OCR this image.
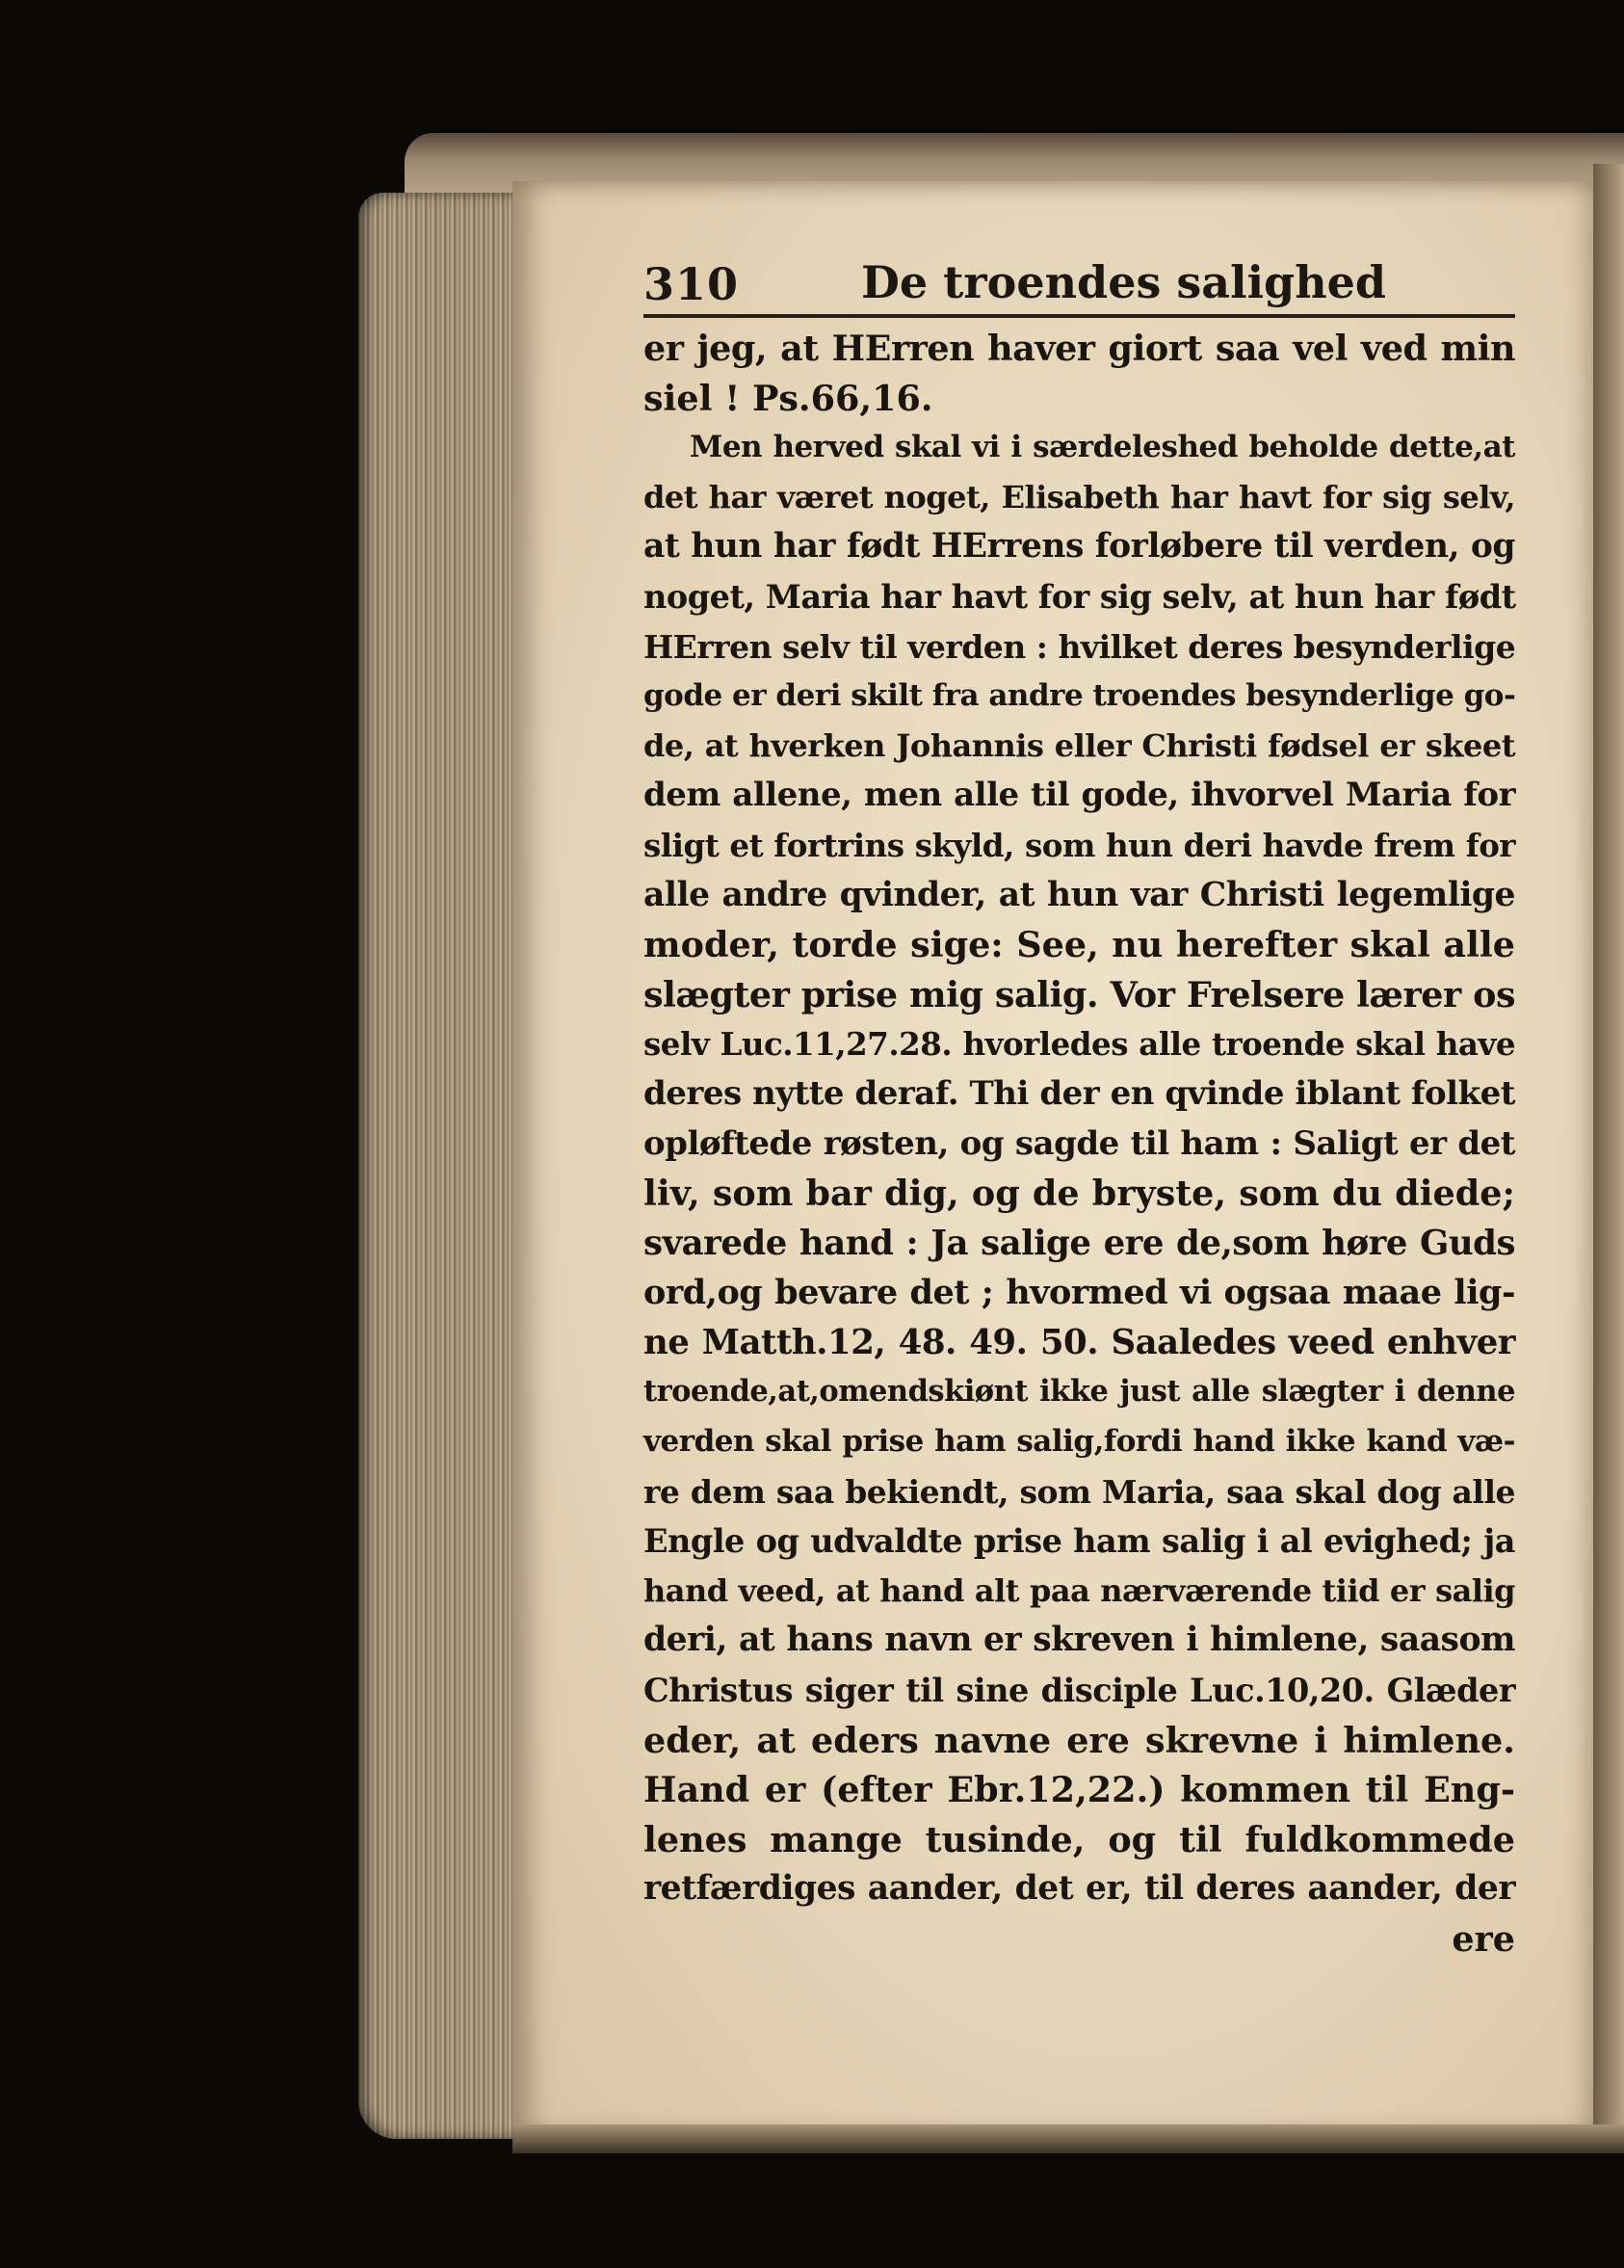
310	De troendes salighed
er jeg, at HErren haver giort saa vel ved min
siel ! Ps.66,16.
Men herved skal vi i særdeleshed beholde dette,at
det har været noget, Elisabeth har havt for sig selv,
at hun har født HErrens forløbere til verden, og
noget, Maria har havt for sig selv, at hun har født
HErren selv til verden : hvilket deres besynderlige
gode er deri skilt fra andre troendes besynderlige go-
de, at hverken Johannis eller Christi fødsel er skeet
dem allene, men alle til gode, ihvorvel Maria for
sligt et fortrins skyld, som hun deri havde frem for
alle andre qvinder, at hun var Christi legemlige
moder, torde sige: See, nu herefter skal alle
slægter prise mig salig. Vor Frelsere lærer os
selv Luc.11,27.28. hvorledes alle troende skal have
deres nytte deraf. Thi der en qvinde iblant folket
opløftede røsten, og sagde til ham : Saligt er det
liv, som bar dig, og de brystе, som du diede;
svarede hand : Ja salige ere de,som høre Guds
ord,og bevare det ; hvormed vi ogsaa maae lig-
ne Matth.12, 48. 49. 50. Saaledes veed enhver
troende,at,omendskiønt ikke just alle slægter i denne
verden skal prise ham salig,fordi hand ikke kand væ-
re dem saa bekiendt, som Maria, saa skal dog alle
Engle og udvaldte prise ham salig i al evighed; ja
hand veed, at hand alt paa nærværende tiid er salig
deri, at hans navn er skreven i himlene, saasom
Christus siger til sine disciple Luc.10,20. Glæder
eder, at eders navne ere skrevne i himlene.
Hand er (efter Ebr.12,22.) kommen til Eng-
lenes mange tusinde, og til fuldkommede
retfærdiges aander, det er, til deres aander, der
ere
